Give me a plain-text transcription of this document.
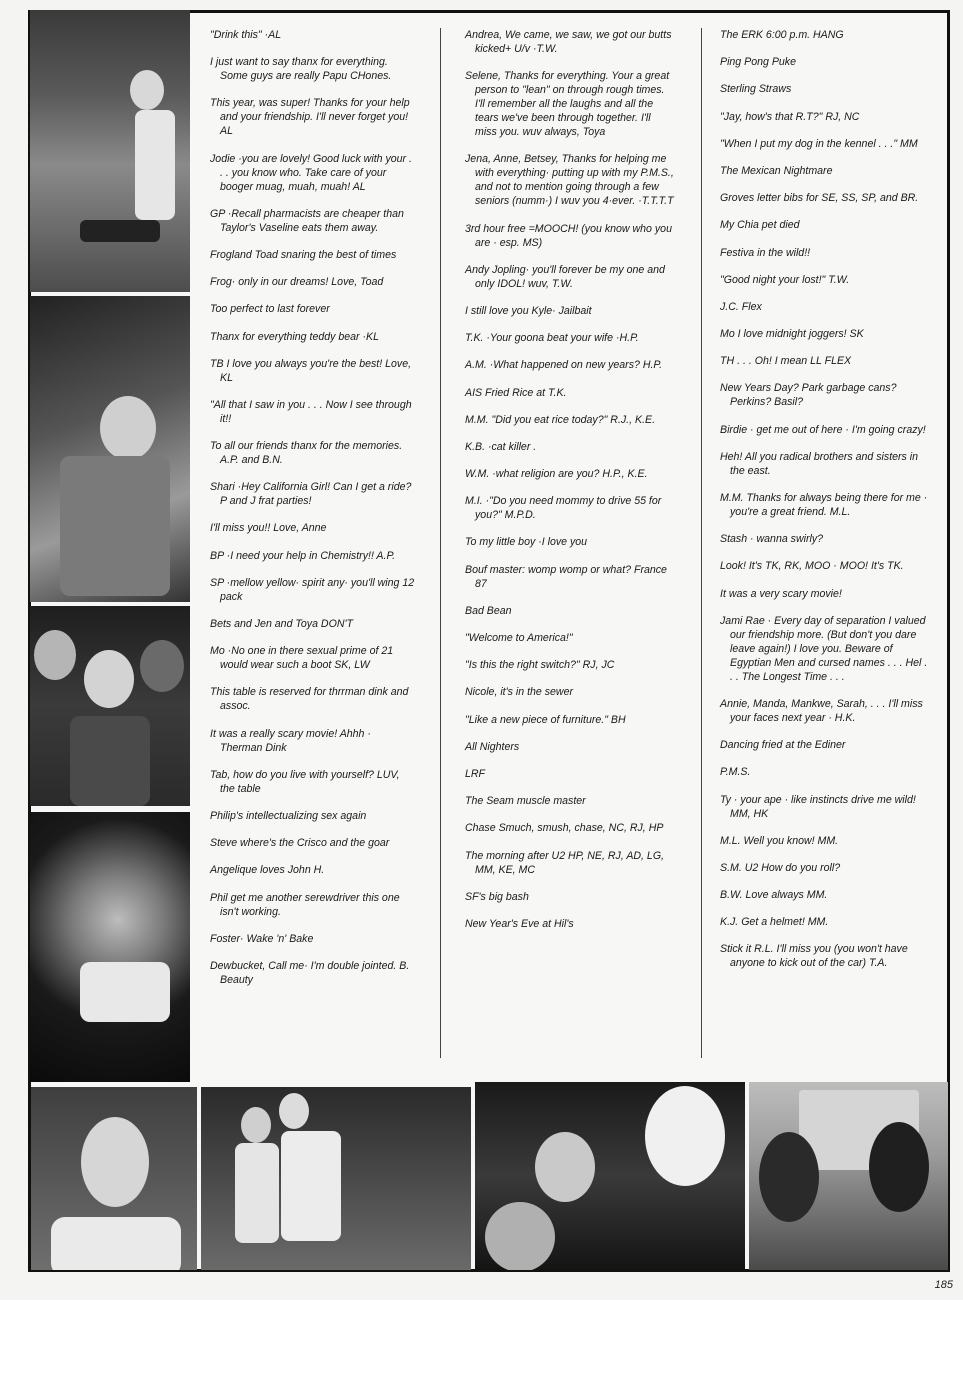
"Drink this" ·AL

I just want to say thanx for everything. Some guys are really Papu CHones.

This year, was super! Thanks for your help and your friendship. I'll never forget you! AL

Jodie ·you are lovely! Good luck with your . . . you know who. Take care of your booger muag, muah, muah! AL

GP ·Recall pharmacists are cheaper than Taylor's Vaseline eats them away.

Frogland Toad snaring the best of times

Frog· only in our dreams! Love, Toad

Too perfect to last forever

Thanx for everything teddy bear ·KL

TB I love you always you're the best! Love, KL

"All that I saw in you . . . Now I see through it!!

To all our friends thanx for the memories. A.P. and B.N.

Shari ·Hey California Girl! Can I get a ride? P and J frat parties!

I'll miss you!! Love, Anne

BP ·I need your help in Chemistry!! A.P.

SP ·mellow yellow· spirit any· you'll wing 12 pack

Bets and Jen and Toya DON'T

Mo ·No one in there sexual prime of 21 would wear such a boot SK, LW

This table is reserved for thrrman dink and assoc.

It was a really scary movie! Ahhh · Therman Dink

Tab, how do you live with yourself? LUV, the table

Philip's intellectualizing sex again

Steve where's the Crisco and the goar

Angelique loves John H.

Phil get me another serewdriver this one isn't working.

Foster· Wake 'n' Bake

Dewbucket, Call me· I'm double jointed. B. Beauty

Andrea, We came, we saw, we got our butts kicked+ U/v ·T.W.

Selene, Thanks for everything. Your a great person to "lean" on through rough times. I'll remember all the laughs and all the tears we've been through together. I'll miss you. wuv always, Toya

Jena, Anne, Betsey, Thanks for helping me with everything· putting up with my P.M.S., and not to mention going through a few seniors (numm·) I wuv you 4·ever. ·T.T.T.T

3rd hour free =MOOCH! (you know who you are · esp. MS)

Andy Jopling· you'll forever be my one and only IDOL! wuv, T.W.

I still love you Kyle· Jailbait

T.K. ·Your goona beat your wife ·H.P.

A.M. ·What happened on new years? H.P.

AIS Fried Rice at T.K.

M.M. "Did you eat rice today?" R.J., K.E.

K.B. ·cat killer .

W.M. ·what religion are you? H.P., K.E.

M.I. ·"Do you need mommy to drive 55 for you?" M.P.D.

To my little boy ·I love you

Bouf master: womp womp or what? France 87

Bad Bean

"Welcome to America!"

"Is this the right switch?" RJ, JC

Nicole, it's in the sewer

"Like a new piece of furniture." BH

All Nighters

LRF

The Seam muscle master

Chase Smuch, smush, chase, NC, RJ, HP

The morning after U2 HP, NE, RJ, AD, LG, MM, KE, MC

SF's big bash

New Year's Eve at Hil's

The ERK 6:00 p.m. HANG

Ping Pong Puke

Sterling Straws

"Jay, how's that R.T?" RJ, NC

"When I put my dog in the kennel . . ." MM

The Mexican Nightmare

Groves letter bibs for SE, SS, SP, and BR.

My Chia pet died

Festiva in the wild!!

"Good night your lost!" T.W.

J.C. Flex

Mo I love midnight joggers! SK

TH . . . Oh! I mean LL FLEX

New Years Day? Park garbage cans? Perkins? Basil?

Birdie · get me out of here · I'm going crazy!

Heh! All you radical brothers and sisters in the east.

M.M. Thanks for always being there for me · you're a great friend. M.L.

Stash · wanna swirly?

Look! It's TK, RK, MOO · MOO! It's TK.

It was a very scary movie!

Jami Rae · Every day of separation I valued our friendship more. (But don't you dare leave again!) I love you. Beware of Egyptian Men and cursed names . . . Hel . . . The Longest Time . . .

Annie, Manda, Mankwe, Sarah, . . . I'll miss your faces next year · H.K.

Dancing fried at the Ediner

P.M.S.

Ty · your ape · like instincts drive me wild! MM, HK

M.L. Well you know! MM.

S.M. U2 How do you roll?

B.W. Love always MM.

K.J. Get a helmet! MM.

Stick it R.L. I'll miss you (you won't have anyone to kick out of the car) T.A.

185
